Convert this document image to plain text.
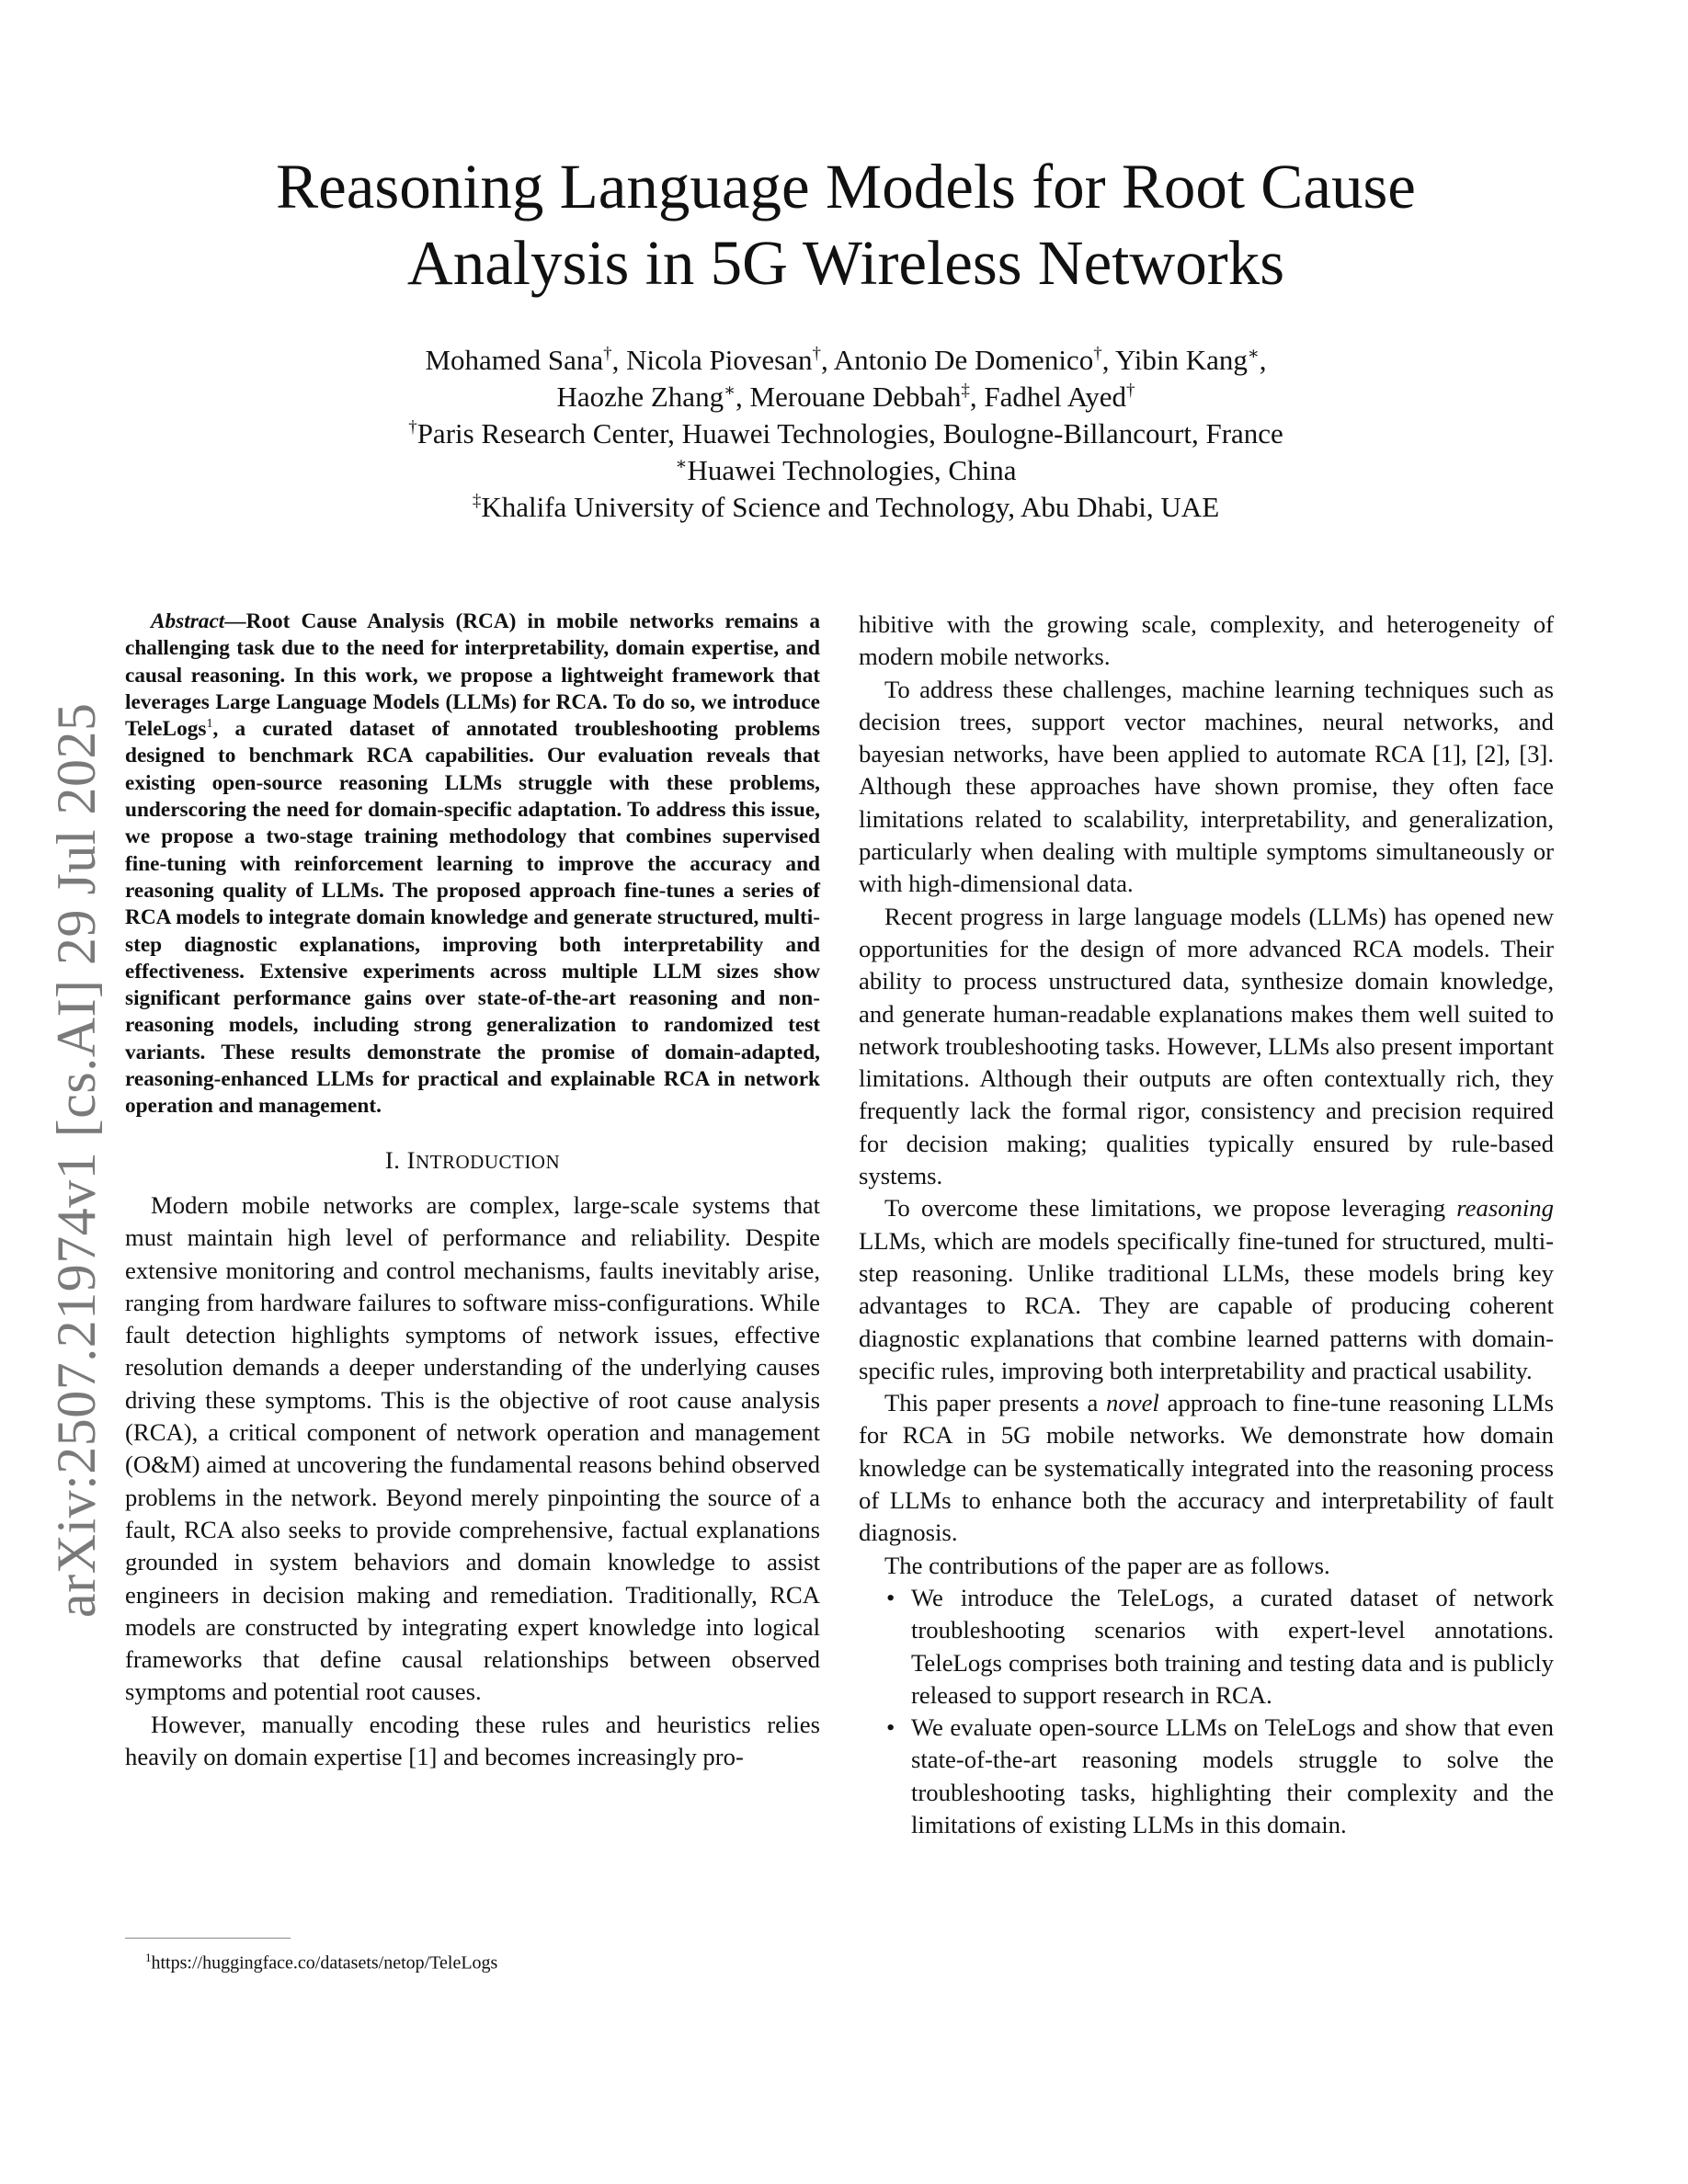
Reasoning Language Models for Root Cause
Analysis in 5G Wireless Networks
Mohamed Sana†, Nicola Piovesan†, Antonio De Domenico†, Yibin Kang∗,
Haozhe Zhang∗, Merouane Debbah‡, Fadhel Ayed†
†Paris Research Center, Huawei Technologies, Boulogne-Billancourt, France
∗Huawei Technologies, China
‡Khalifa University of Science and Technology, Abu Dhabi, UAE
arXiv:2507.21974v1 [cs.AI] 29 Jul 2025

Abstract—Root Cause Analysis (RCA) in mobile networks remains a challenging task due to the need for interpretability, domain expertise, and causal reasoning. In this work, we propose a lightweight framework that leverages Large Language Models (LLMs) for RCA. To do so, we introduce TeleLogs$^1$, a curated dataset of annotated troubleshooting problems designed to benchmark RCA capabilities. Our evaluation reveals that existing open-source reasoning LLMs struggle with these problems, underscoring the need for domain-specific adaptation. To address this issue, we propose a two-stage training methodology that combines supervised fine-tuning with reinforcement learning to improve the accuracy and reasoning quality of LLMs. The proposed approach fine-tunes a series of RCA models to integrate domain knowledge and generate structured, multi-step diagnostic explanations, improving both interpretability and effectiveness. Extensive experiments across multiple LLM sizes show significant performance gains over state-of-the-art reasoning and non-reasoning models, including strong generalization to randomized test variants. These results demonstrate the promise of domain-adapted, reasoning-enhanced LLMs for practical and explainable RCA in network operation and management.

I. INTRODUCTION

Modern mobile networks are complex, large-scale systems that must maintain high level of performance and reliability. Despite extensive monitoring and control mechanisms, faults inevitably arise, ranging from hardware failures to software miss-configurations. While fault detection highlights symptoms of network issues, effective resolution demands a deeper understanding of the underlying causes driving these symptoms. This is the objective of root cause analysis (RCA), a critical component of network operation and management (O&M) aimed at uncovering the fundamental reasons behind observed problems in the network. Beyond merely pinpointing the source of a fault, RCA also seeks to provide comprehensive, factual explanations grounded in system behaviors and domain knowledge to assist engineers in decision making and remediation. Traditionally, RCA models are constructed by integrating expert knowledge into logical frameworks that define causal relationships between observed symptoms and potential root causes.

However, manually encoding these rules and heuristics relies heavily on domain expertise [1] and becomes increasingly pro-

hibitive with the growing scale, complexity, and heterogeneity of modern mobile networks.

To address these challenges, machine learning techniques such as decision trees, support vector machines, neural networks, and bayesian networks, have been applied to automate RCA [1], [2], [3]. Although these approaches have shown promise, they often face limitations related to scalability, interpretability, and generalization, particularly when dealing with multiple symptoms simultaneously or with high-dimensional data.

Recent progress in large language models (LLMs) has opened new opportunities for the design of more advanced RCA models. Their ability to process unstructured data, synthesize domain knowledge, and generate human-readable explanations makes them well suited to network troubleshooting tasks. However, LLMs also present important limitations. Although their outputs are often contextually rich, they frequently lack the formal rigor, consistency and precision required for decision making; qualities typically ensured by rule-based systems.

To overcome these limitations, we propose leveraging reasoning LLMs, which are models specifically fine-tuned for structured, multi-step reasoning. Unlike traditional LLMs, these models bring key advantages to RCA. They are capable of producing coherent diagnostic explanations that combine learned patterns with domain-specific rules, improving both interpretability and practical usability.

This paper presents a novel approach to fine-tune reasoning LLMs for RCA in 5G mobile networks. We demonstrate how domain knowledge can be systematically integrated into the reasoning process of LLMs to enhance both the accuracy and interpretability of fault diagnosis.

The contributions of the paper are as follows.

• We introduce the TeleLogs, a curated dataset of network troubleshooting scenarios with expert-level annotations. TeleLogs comprises both training and testing data and is publicly released to support research in RCA.
• We evaluate open-source LLMs on TeleLogs and show that even state-of-the-art reasoning models struggle to solve the troubleshooting tasks, highlighting their complexity and the limitations of existing LLMs in this domain.
$^1$https://huggingface.co/datasets/netop/TeleLogs
